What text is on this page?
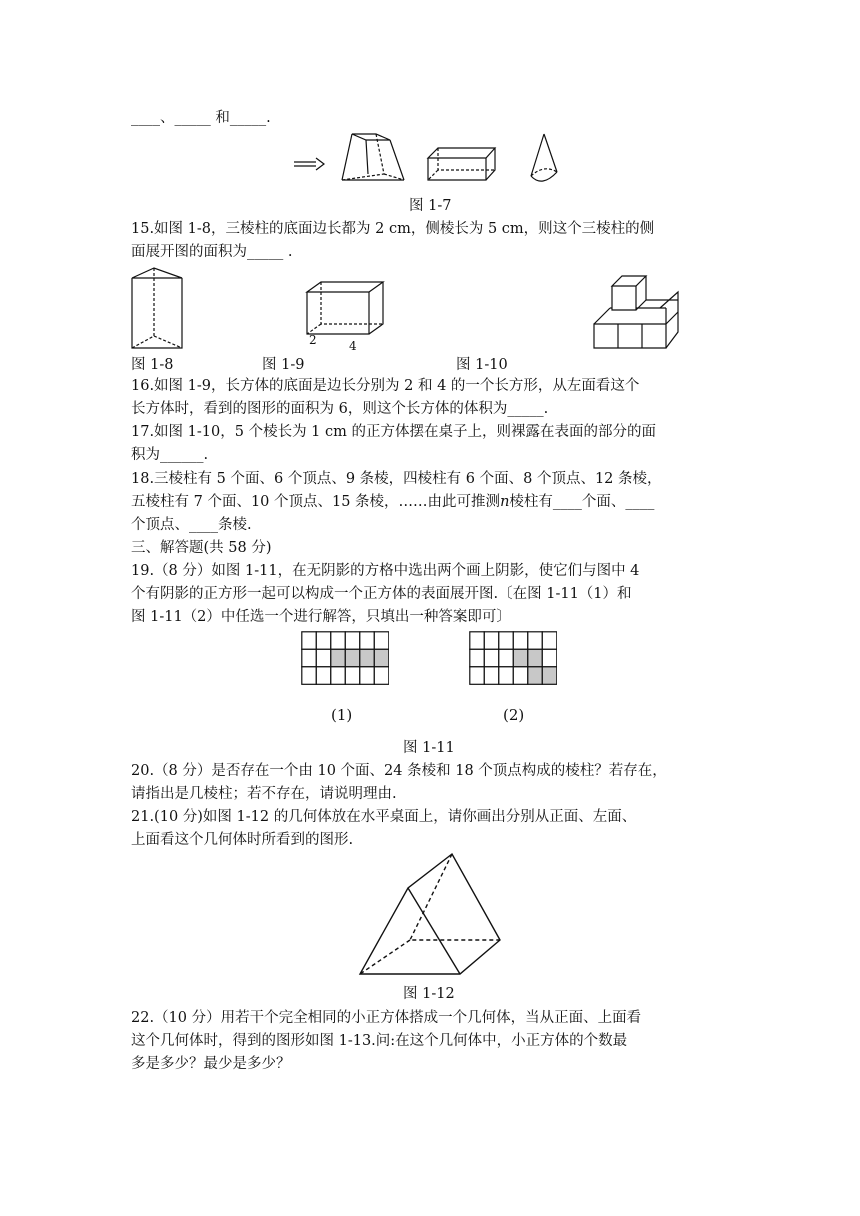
____、_____ 和_____.
图 1-7
15.如图 1-8，三棱柱的底面边长都为 2 cm，侧棱长为 5 cm，则这个三棱柱的侧
面展开图的面积为_____ .
2	4
图 1-8	图 1-9	图 1-10
16.如图 1-9，长方体的底面是边长分别为 2 和 4 的一个长方形，从左面看这个
长方体时，看到的图形的面积为 6，则这个长方体的体积为_____.
17.如图 1-10，5 个棱长为 1 cm 的正方体摆在桌子上，则裸露在表面的部分的面
积为______.
18.三棱柱有 5 个面、6 个顶点、9 条棱，四棱柱有 6 个面、8 个顶点、12 条棱，
五棱柱有 7 个面、10 个顶点、15 条棱，……由此可推测n棱柱有____个面、____
个顶点、____条棱.
三、解答题(共 58 分)
19.（8 分）如图 1-11，在无阴影的方格中选出两个画上阴影，使它们与图中 4
个有阴影的正方形一起可以构成一个正方体的表面展开图.〔在图 1-11（1）和
图 1-11（2）中任选一个进行解答，只填出一种答案即可〕
(1)	(2)
图 1-11
20.（8 分）是否存在一个由 10 个面、24 条棱和 18 个顶点构成的棱柱？若存在，
请指出是几棱柱；若不存在，请说明理由.
21.(10 分)如图 1-12 的几何体放在水平桌面上，请你画出分别从正面、左面、
上面看这个几何体时所看到的图形.
图 1-12
22.（10 分）用若干个完全相同的小正方体搭成一个几何体，当从正面、上面看
这个几何体时，得到的图形如图 1-13.问:在这个几何体中，小正方体的个数最
多是多少？最少是多少？
